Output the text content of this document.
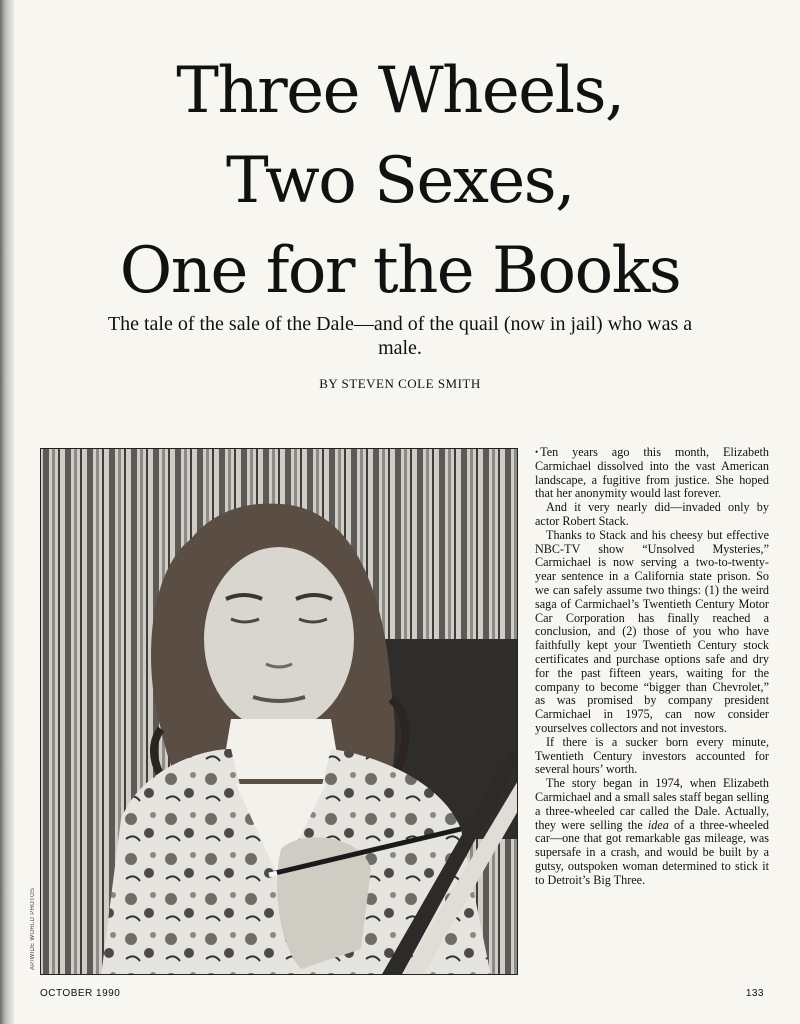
Three Wheels,
Two Sexes,
One for the Books

The tale of the sale of the Dale—and of the quail (now in jail) who was a male.

BY STEVEN COLE SMITH

AP/WIDE WORLD PHOTOS

• Ten years ago this month, Elizabeth Carmichael dissolved into the vast American landscape, a fugitive from justice. She hoped that her anonymity would last forever.

And it very nearly did—invaded only by actor Robert Stack.

Thanks to Stack and his cheesy but effective NBC-TV show “Unsolved Mysteries,” Carmichael is now serving a two-to-twenty-year sentence in a California state prison. So we can safely assume two things: (1) the weird saga of Carmichael’s Twentieth Century Motor Car Corporation has finally reached a conclusion, and (2) those of you who have faithfully kept your Twentieth Century stock certificates and purchase options safe and dry for the past fifteen years, waiting for the company to become “bigger than Chevrolet,” as was promised by company president Carmichael in 1975, can now consider yourselves collectors and not investors.

If there is a sucker born every minute, Twentieth Century investors accounted for several hours’ worth.

The story began in 1974, when Elizabeth Carmichael and a small sales staff began selling a three-wheeled car called the Dale. Actually, they were selling the idea of a three-wheeled car—one that got remarkable gas mileage, was supersafe in a crash, and would be built by a gutsy, outspoken woman determined to stick it to Detroit’s Big Three.

OCTOBER 1990	133
